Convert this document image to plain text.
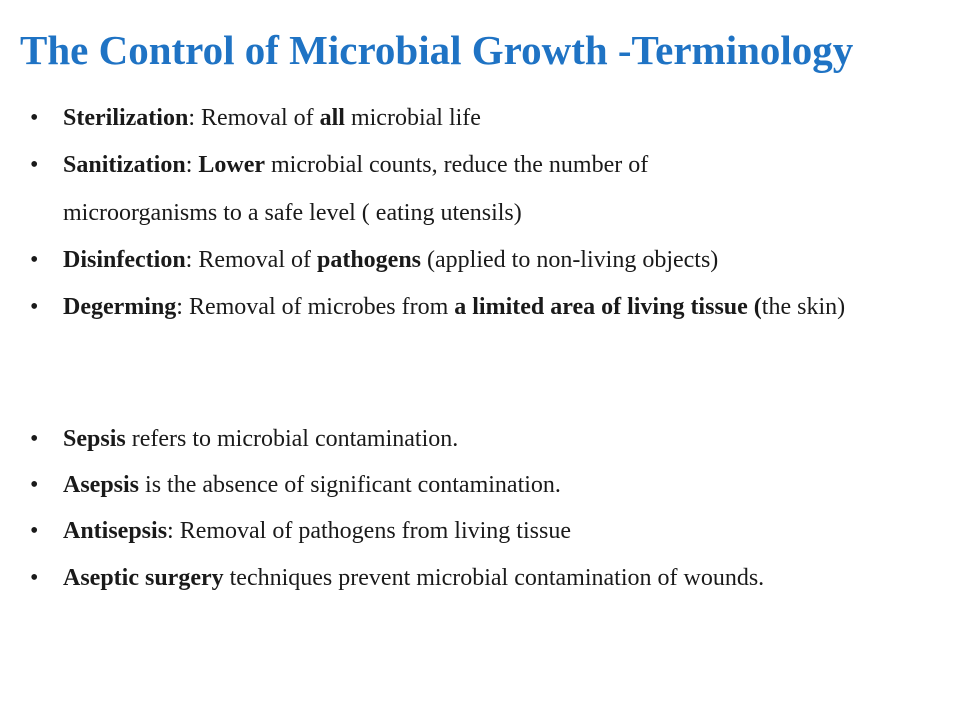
The Control of Microbial Growth -Terminology
•	Sterilization: Removal of all microbial life
•	Sanitization: Lower microbial counts, reduce the number of
microorganisms to a safe level ( eating utensils)
•	Disinfection: Removal of pathogens (applied to non-living objects)
•	Degerming: Removal of microbes from a limited area of living tissue (the skin)
•	Sepsis refers to microbial contamination.
•	Asepsis is the absence of significant contamination.
•	Antisepsis: Removal of pathogens from living tissue
•	Aseptic surgery techniques prevent microbial contamination of wounds.
